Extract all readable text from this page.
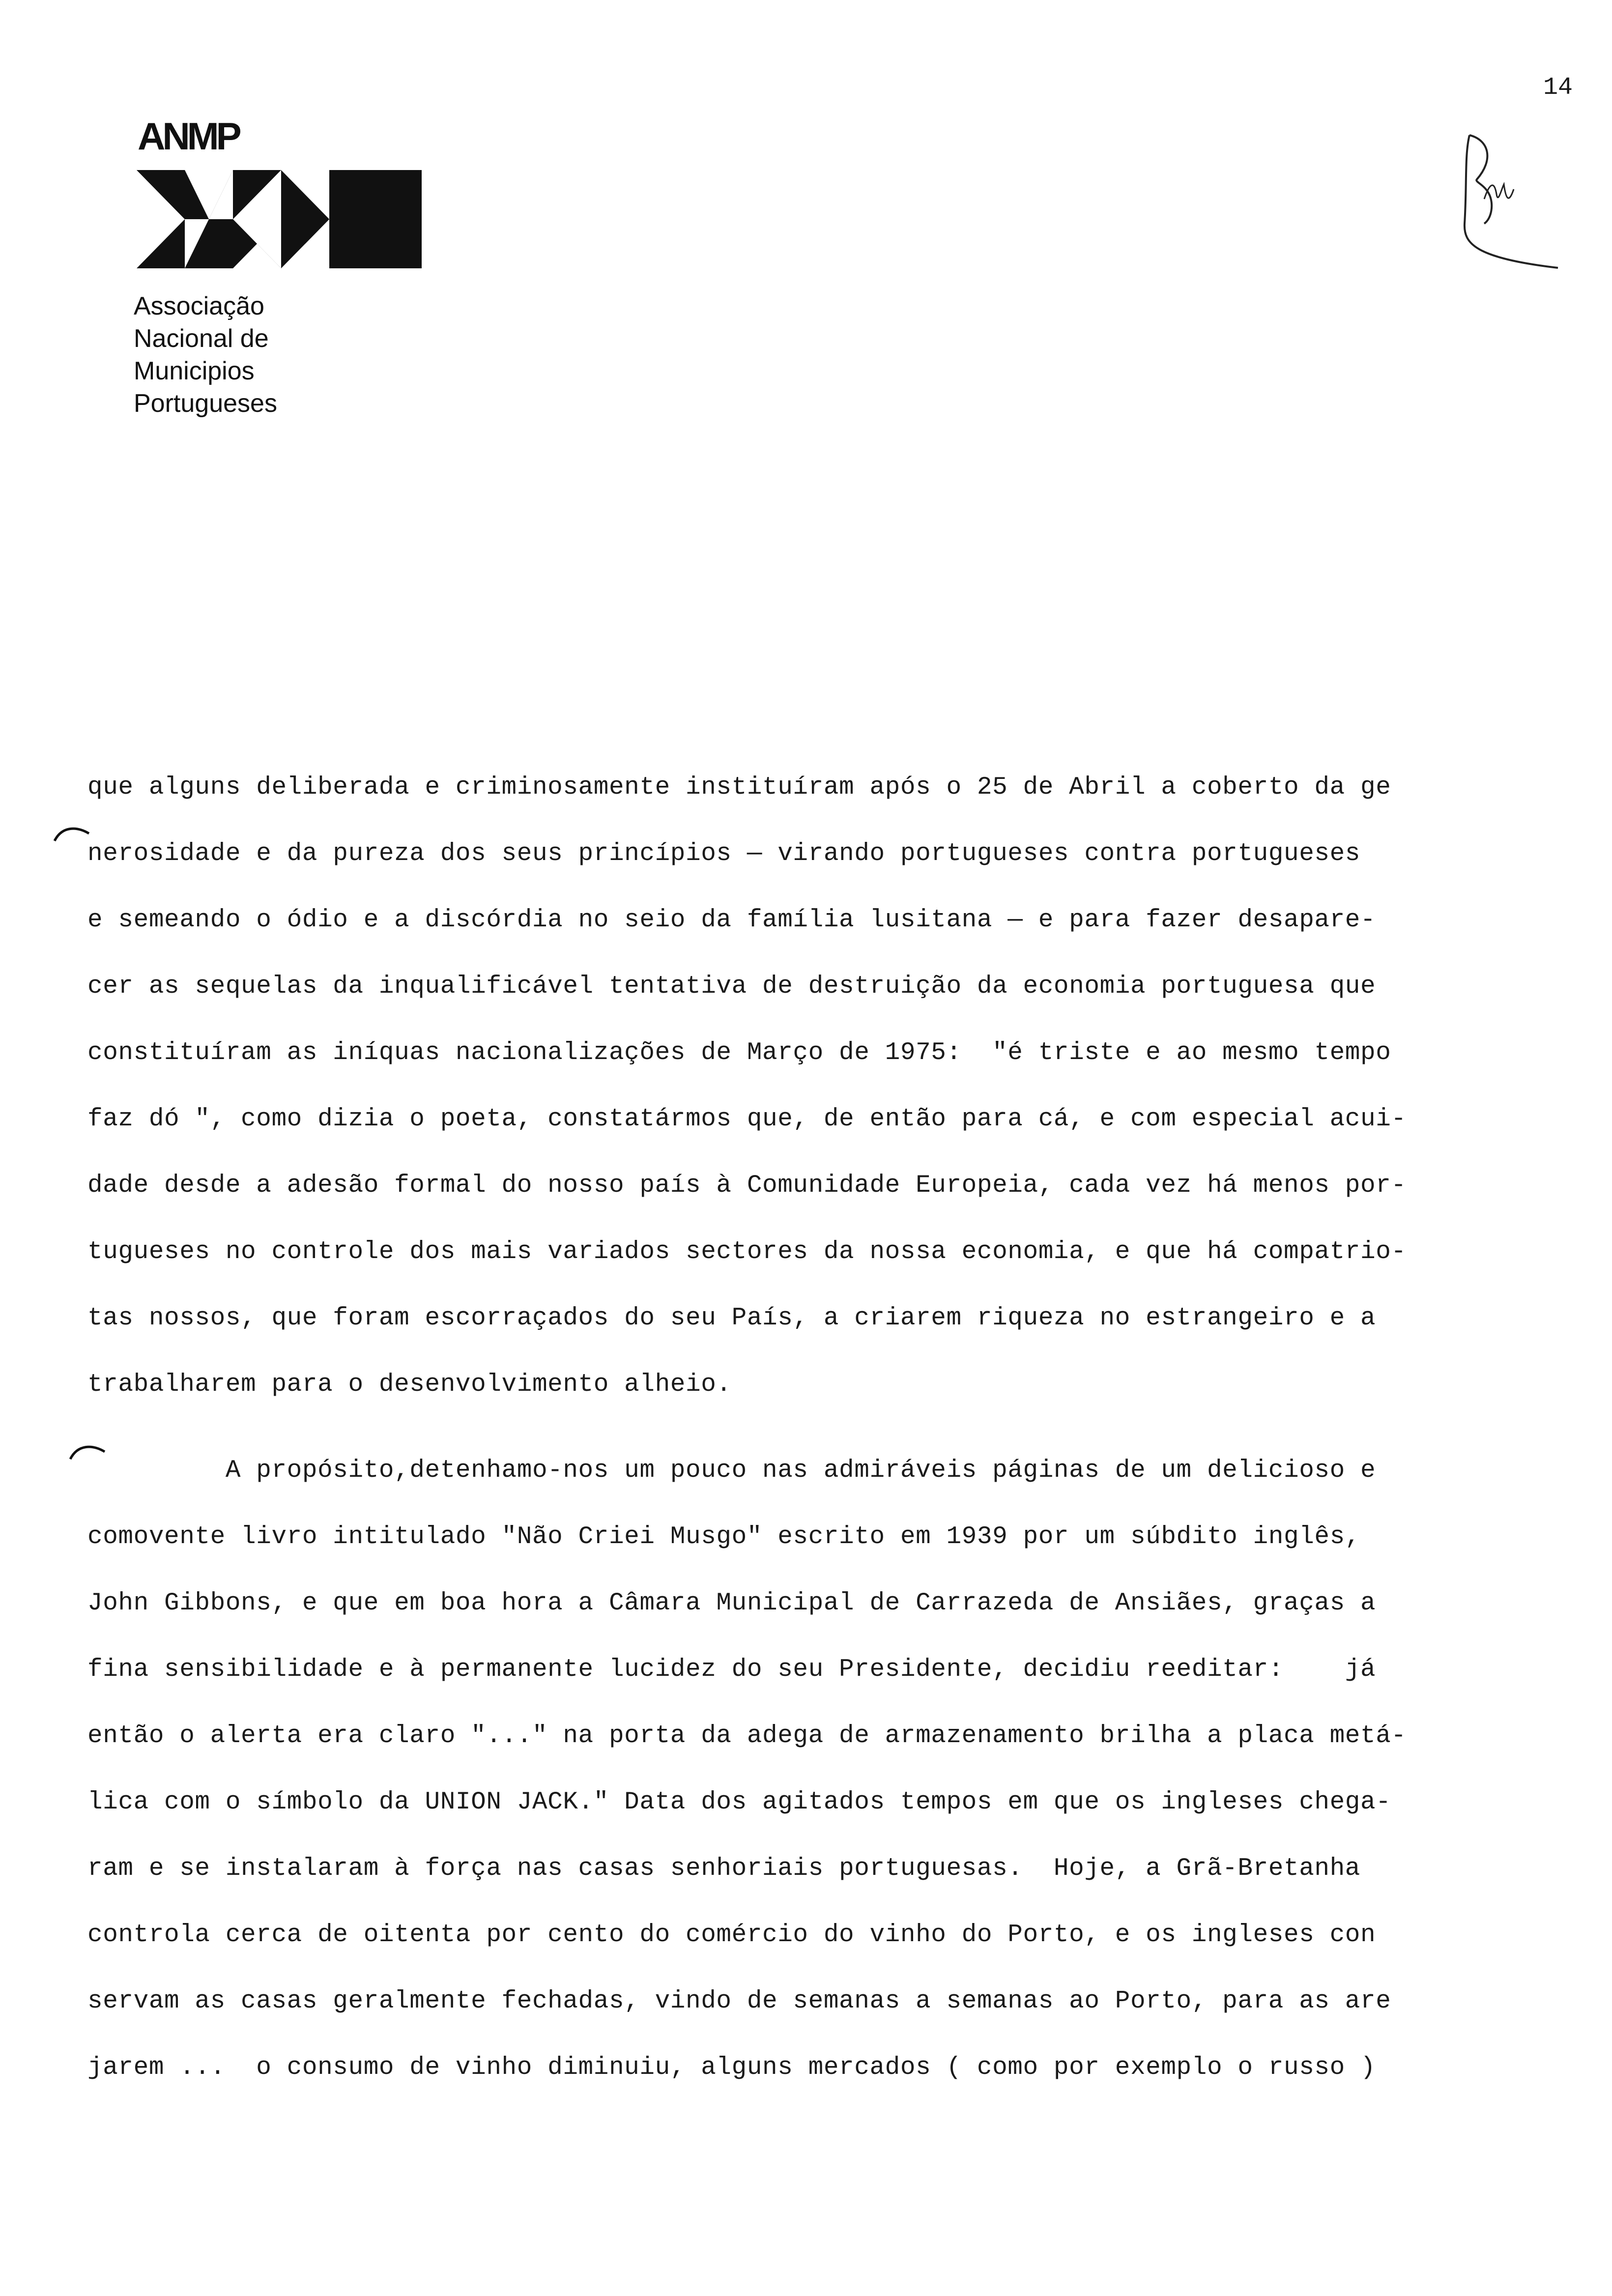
14
ANMP
Associação
Nacional de
Municipios
Portugueses
que alguns deliberada e criminosamente instituíram após o 25 de Abril a coberto da ge
nerosidade e da pureza dos seus princípios — virando portugueses contra portugueses
e semeando o ódio e a discórdia no seio da família lusitana — e para fazer desapare-
cer as sequelas da inqualificável tentativa de destruição da economia portuguesa que
constituíram as iníquas nacionalizações de Março de 1975:  "é triste e ao mesmo tempo
faz dó ", como dizia o poeta, constatármos que, de então para cá, e com especial acui-
dade desde a adesão formal do nosso país à Comunidade Europeia, cada vez há menos por-
tugueses no controle dos mais variados sectores da nossa economia, e que há compatrio-
tas nossos, que foram escorraçados do seu País, a criarem riqueza no estrangeiro e a
trabalharem para o desenvolvimento alheio.
A propósito,detenhamo-nos um pouco nas admiráveis páginas de um delicioso e
comovente livro intitulado "Não Criei Musgo" escrito em 1939 por um súbdito inglês,
John Gibbons, e que em boa hora a Câmara Municipal de Carrazeda de Ansiães, graças a
fina sensibilidade e à permanente lucidez do seu Presidente, decidiu reeditar:    já
então o alerta era claro "..." na porta da adega de armazenamento brilha a placa metá-
lica com o símbolo da UNION JACK." Data dos agitados tempos em que os ingleses chega-
ram e se instalaram à força nas casas senhoriais portuguesas.  Hoje, a Grã-Bretanha
controla cerca de oitenta por cento do comércio do vinho do Porto, e os ingleses con
servam as casas geralmente fechadas, vindo de semanas a semanas ao Porto, para as are
jarem ...  o consumo de vinho diminuiu, alguns mercados ( como por exemplo o russo )
